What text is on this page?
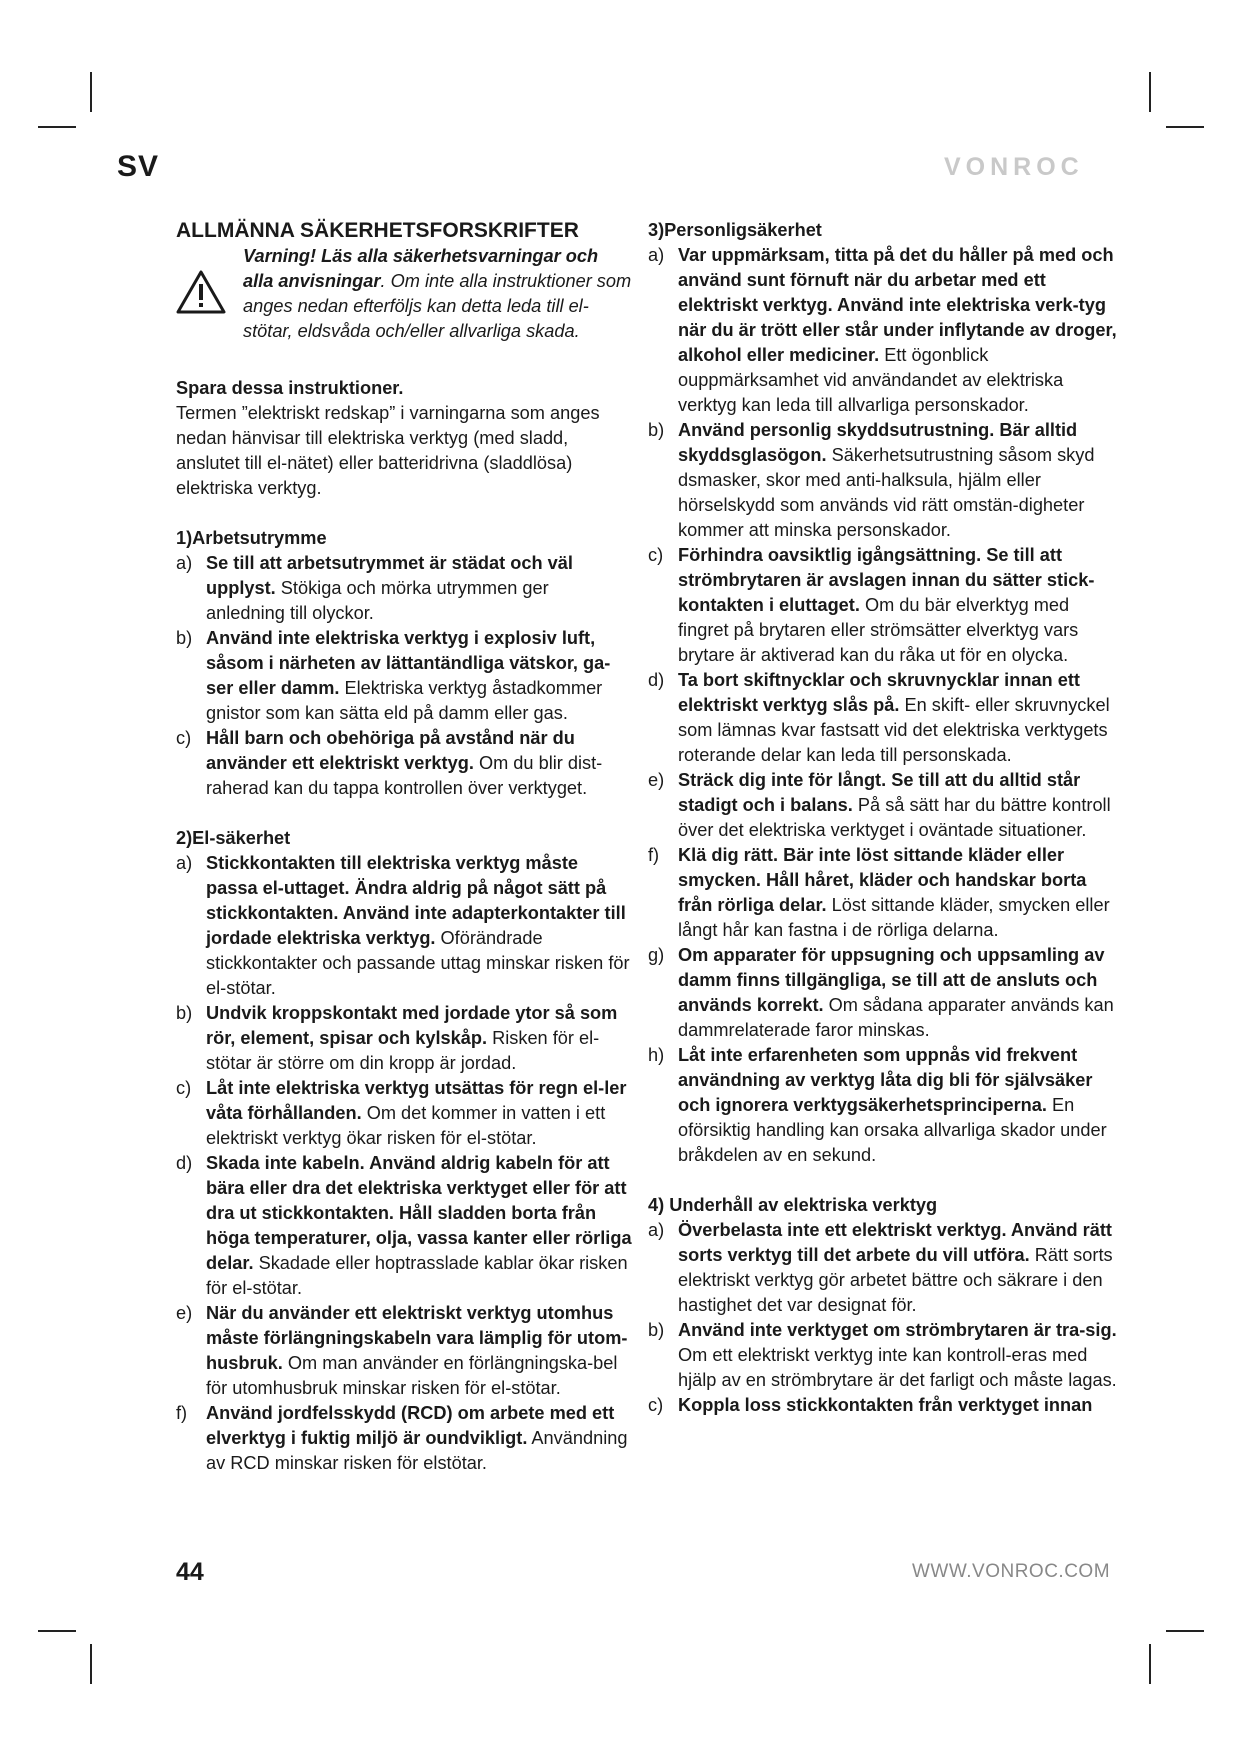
SV	VONROC

ALLMÄNNA SÄKERHETSFORSKRIFTER

Varning! Läs alla säkerhetsvarningar och alla anvisningar. Om inte alla instruktioner som anges nedan efterföljs kan detta leda till el-stötar, eldsvåda och/eller allvarliga skada.

Spara dessa instruktioner.

Termen ”elektriskt redskap” i varningarna som anges nedan hänvisar till elektriska verktyg (med sladd, anslutet till el-nätet) eller batteridrivna (sladdlösa) elektriska verktyg.

1)Arbetsutrymme

a) Se till att arbetsutrymmet är städat och väl upplyst. Stökiga och mörka utrymmen ger anledning till olyckor.
b) Använd inte elektriska verktyg i explosiv luft, såsom i närheten av lättantändliga vätskor, ga-ser eller damm. Elektriska verktyg åstadkommer gnistor som kan sätta eld på damm eller gas.
c) Håll barn och obehöriga på avstånd när du använder ett elektriskt verktyg. Om du blir dist-raherad kan du tappa kontrollen över verktyget.

2)El-säkerhet

a) Stickkontakten till elektriska verktyg måste passa el-uttaget. Ändra aldrig på något sätt på stickkontakten. Använd inte adapterkontakter till jordade elektriska verktyg. Oförändrade stickkontakter och passande uttag minskar risken för el-stötar.
b) Undvik kroppskontakt med jordade ytor så som rör, element, spisar och kylskåp. Risken för el-stötar är större om din kropp är jordad.
c) Låt inte elektriska verktyg utsättas för regn el-ler våta förhållanden. Om det kommer in vatten i ett elektriskt verktyg ökar risken för el-stötar.
d) Skada inte kabeln. Använd aldrig kabeln för att bära eller dra det elektriska verktyget eller för att dra ut stickkontakten. Håll sladden borta från höga temperaturer, olja, vassa kanter eller rörliga delar. Skadade eller hoptrasslade kablar ökar risken för el-stötar.
e) När du använder ett elektriskt verktyg utomhus måste förlängningskabeln vara lämplig för utom-husbruk. Om man använder en förlängningska-bel för utomhusbruk minskar risken för el-stötar.
f) Använd jordfelsskydd (RCD) om arbete med ett elverktyg i fuktig miljö är oundvikligt. Användning av RCD minskar risken för elstötar.

3)Personligsäkerhet

a) Var uppmärksam, titta på det du håller på med och använd sunt förnuft när du arbetar med ett elektriskt verktyg. Använd inte elektriska verk-tyg när du är trött eller står under inflytande av droger, alkohol eller mediciner. Ett ögonblick ouppmärksamhet vid användandet av elektriska verktyg kan leda till allvarliga personskador.
b) Använd personlig skyddsutrustning. Bär alltid skyddsglasögon. Säkerhetsutrustning såsom skyd dsmasker, skor med anti-halksula, hjälm eller hörselskydd som används vid rätt omstän-digheter kommer att minska personskador.
c) Förhindra oavsiktlig igångsättning. Se till att strömbrytaren är avslagen innan du sätter stick-kontakten i eluttaget. Om du bär elverktyg med fingret på brytaren eller strömsätter elverktyg vars brytare är aktiverad kan du råka ut för en olycka.
d) Ta bort skiftnycklar och skruvnycklar innan ett elektriskt verktyg slås på. En skift- eller skruvnyckel som lämnas kvar fastsatt vid det elektriska verktygets roterande delar kan leda till personskada.
e) Sträck dig inte för långt. Se till att du alltid står stadigt och i balans. På så sätt har du bättre kontroll över det elektriska verktyget i oväntade situationer.
f) Klä dig rätt. Bär inte löst sittande kläder eller smycken. Håll håret, kläder och handskar borta från rörliga delar. Löst sittande kläder, smycken eller långt hår kan fastna i de rörliga delarna.
g) Om apparater för uppsugning och uppsamling av damm finns tillgängliga, se till att de ansluts och används korrekt. Om sådana apparater används kan dammrelaterade faror minskas.
h) Låt inte erfarenheten som uppnås vid frekvent användning av verktyg låta dig bli för självsäker och ignorera verktygsäkerhetsprinciperna. En oförsiktig handling kan orsaka allvarliga skador under bråkdelen av en sekund.

4) Underhåll av elektriska verktyg

a) Överbelasta inte ett elektriskt verktyg. Använd rätt sorts verktyg till det arbete du vill utföra. Rätt sorts elektriskt verktyg gör arbetet bättre och säkrare i den hastighet det var designat för.
b) Använd inte verktyget om strömbrytaren är tra-sig. Om ett elektriskt verktyg inte kan kontroll-eras med hjälp av en strömbrytare är det farligt och måste lagas.
c) Koppla loss stickkontakten från verktyget innan
44	WWW.VONROC.COM
